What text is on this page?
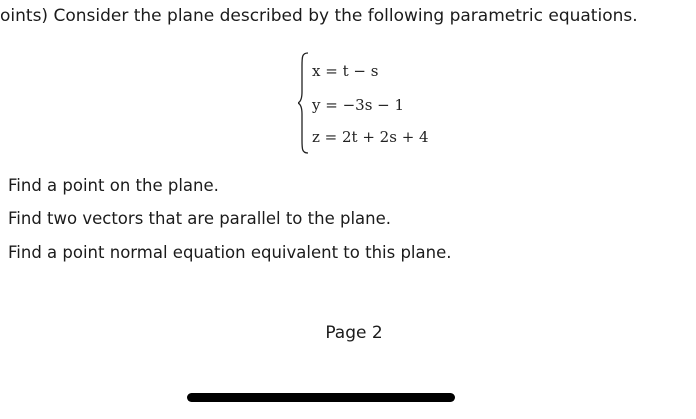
oints) Consider the plane described by the following parametric equations.
x = t − s
y = −3s − 1
z = 2t + 2s + 4
Find a point on the plane.
Find two vectors that are parallel to the plane.
Find a point normal equation equivalent to this plane.
Page 2
